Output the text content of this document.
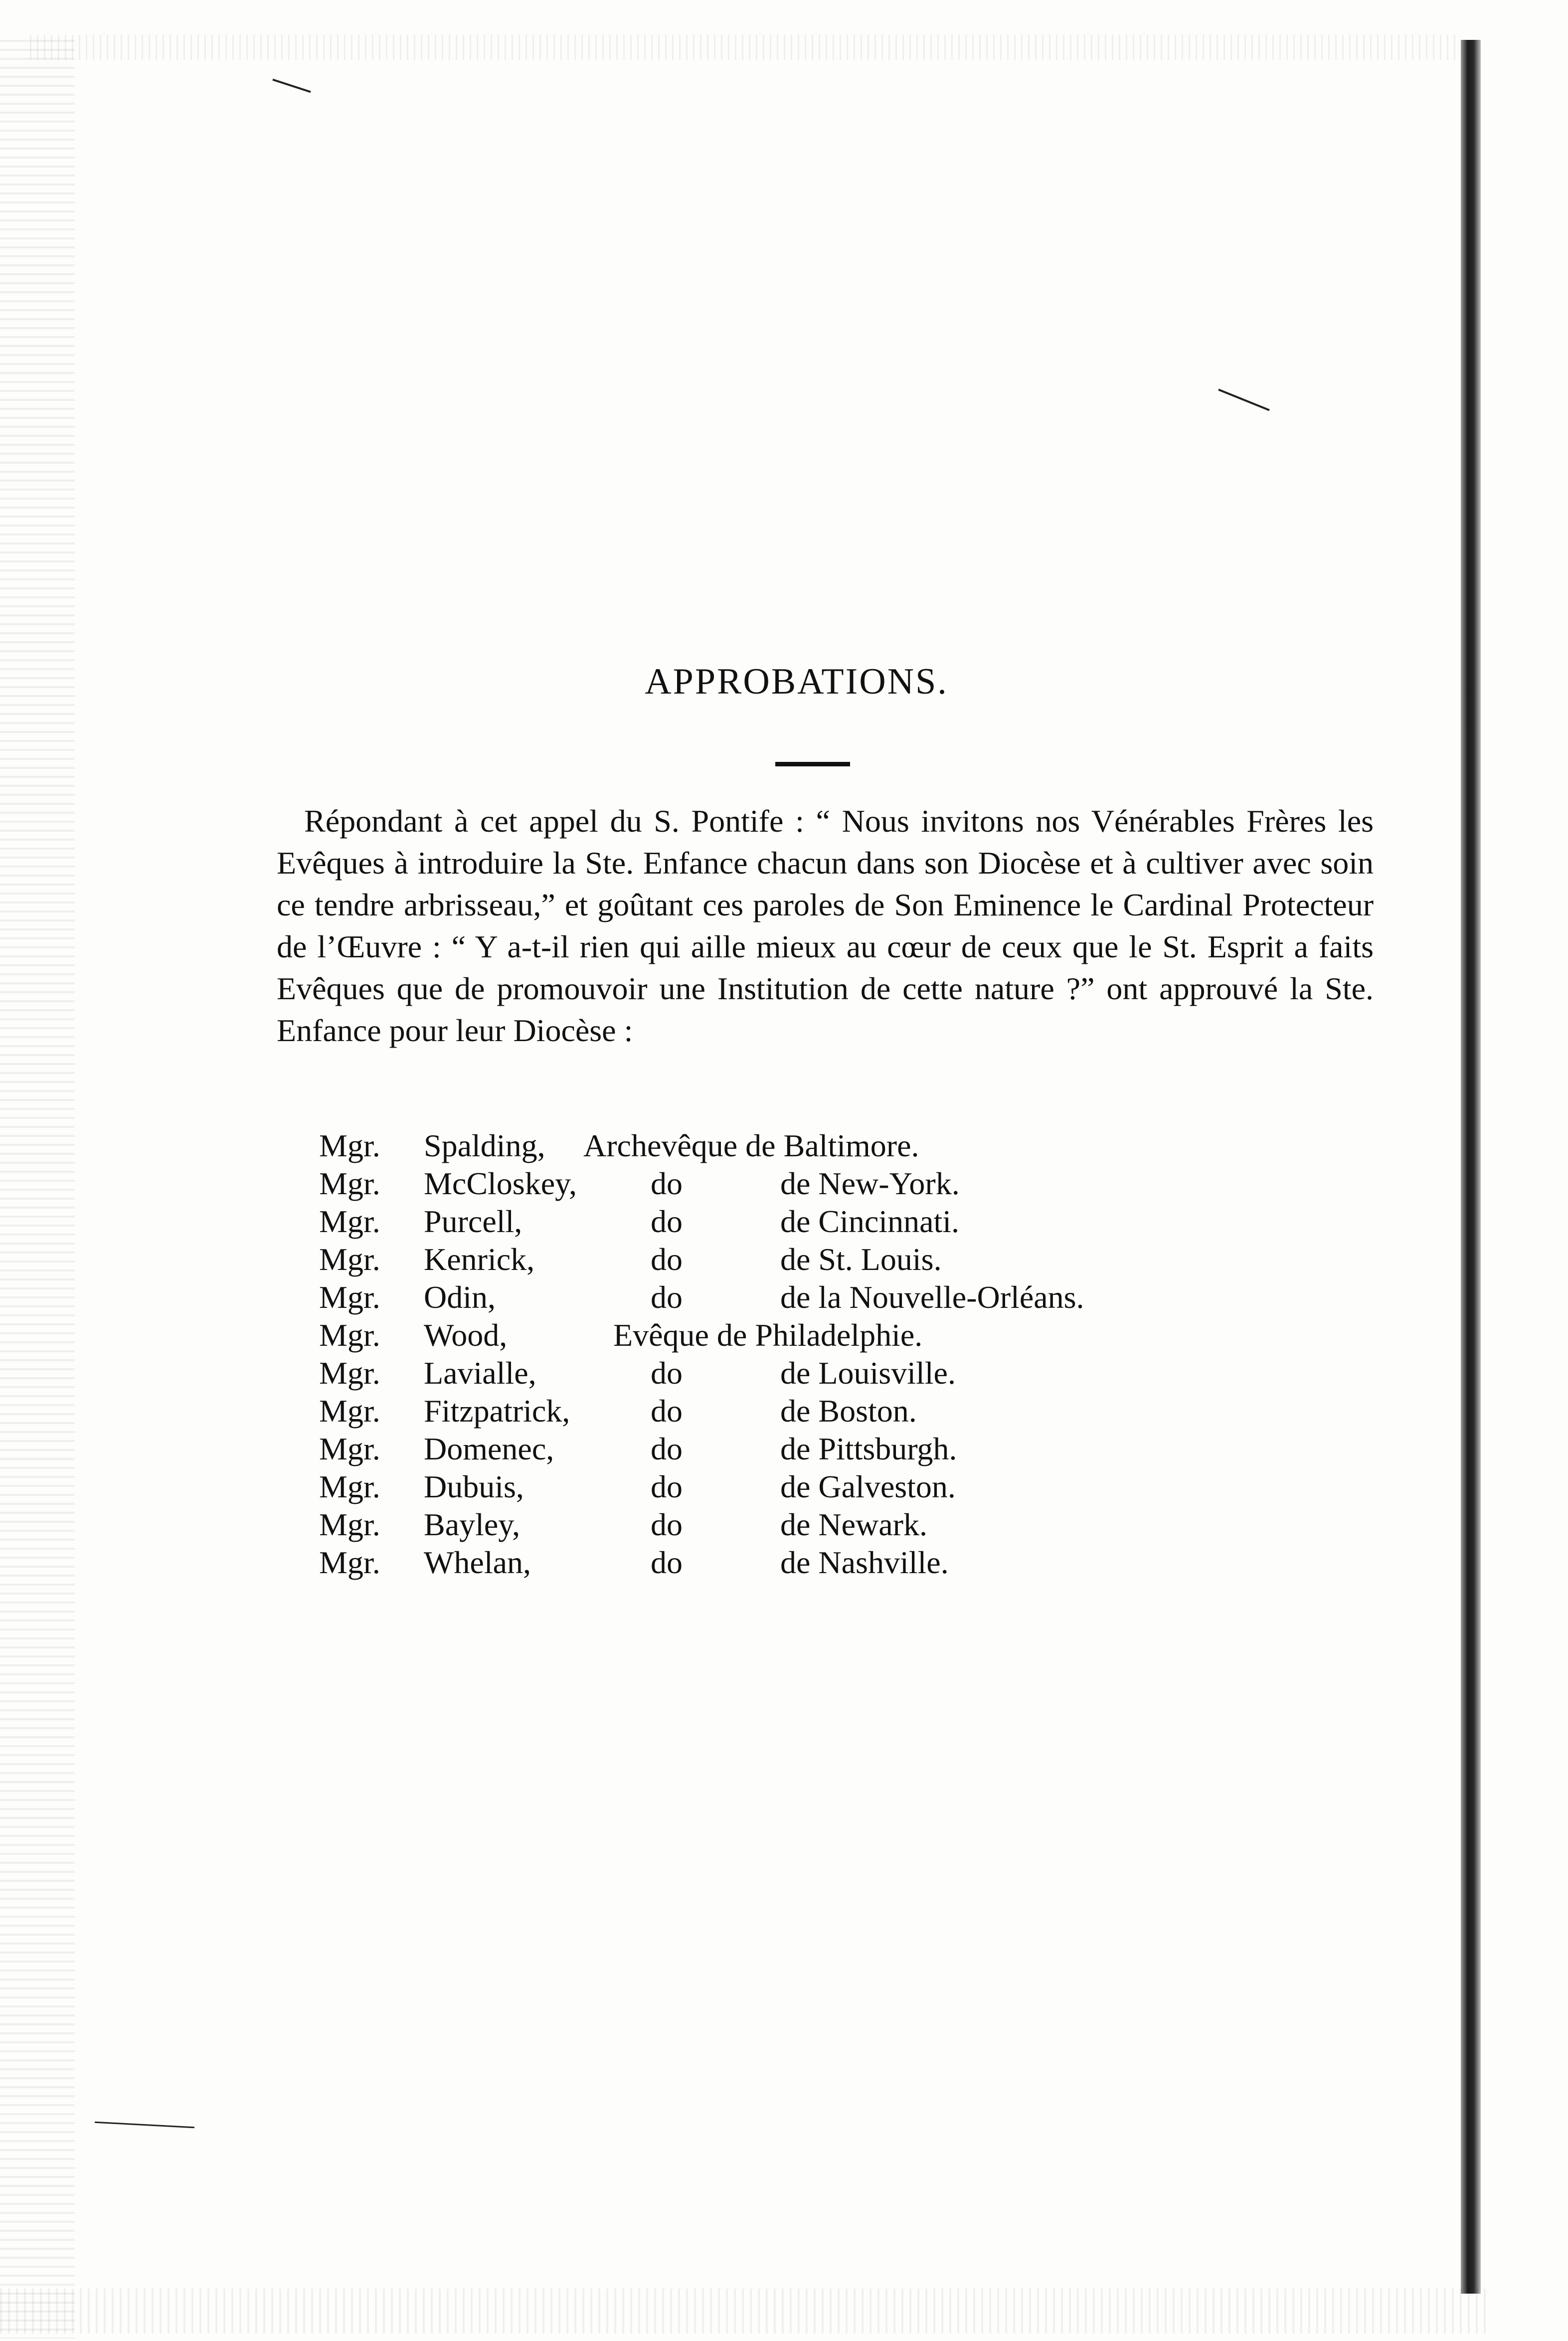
APPROBATIONS.

Répondant à cet appel du S. Pontife : “ Nous invitons nos Vénérables Frères les Evêques à introduire la Ste. Enfance chacun dans son Diocèse et à cultiver avec soin ce tendre arbrisseau,” et goûtant ces paroles de Son Eminence le Cardinal Protecteur de l’Œuvre : “ Y a-t-il rien qui aille mieux au cœur de ceux que le St. Esprit a faits Evêques que de promouvoir une Institution de cette nature ?” ont approuvé la Ste. Enfance pour leur Diocèse :

Mgr. Spalding, Archevêque de Baltimore.
Mgr. McCloskey, do	de New-York.
Mgr. Purcell,	do	de Cincinnati.
Mgr. Kenrick,	do	de St. Louis.
Mgr. Odin,	do	de la Nouvelle-Orléans.
Mgr. Wood,	Evêque de Philadelphie.
Mgr. Lavialle,	do	de Louisville.
Mgr. Fitzpatrick,	do	de Boston.
Mgr. Domenec,	do	de Pittsburgh.
Mgr. Dubuis,	do	de Galveston.
Mgr. Bayley,	do	de Newark.
Mgr. Whelan,	do	de Nashville.
